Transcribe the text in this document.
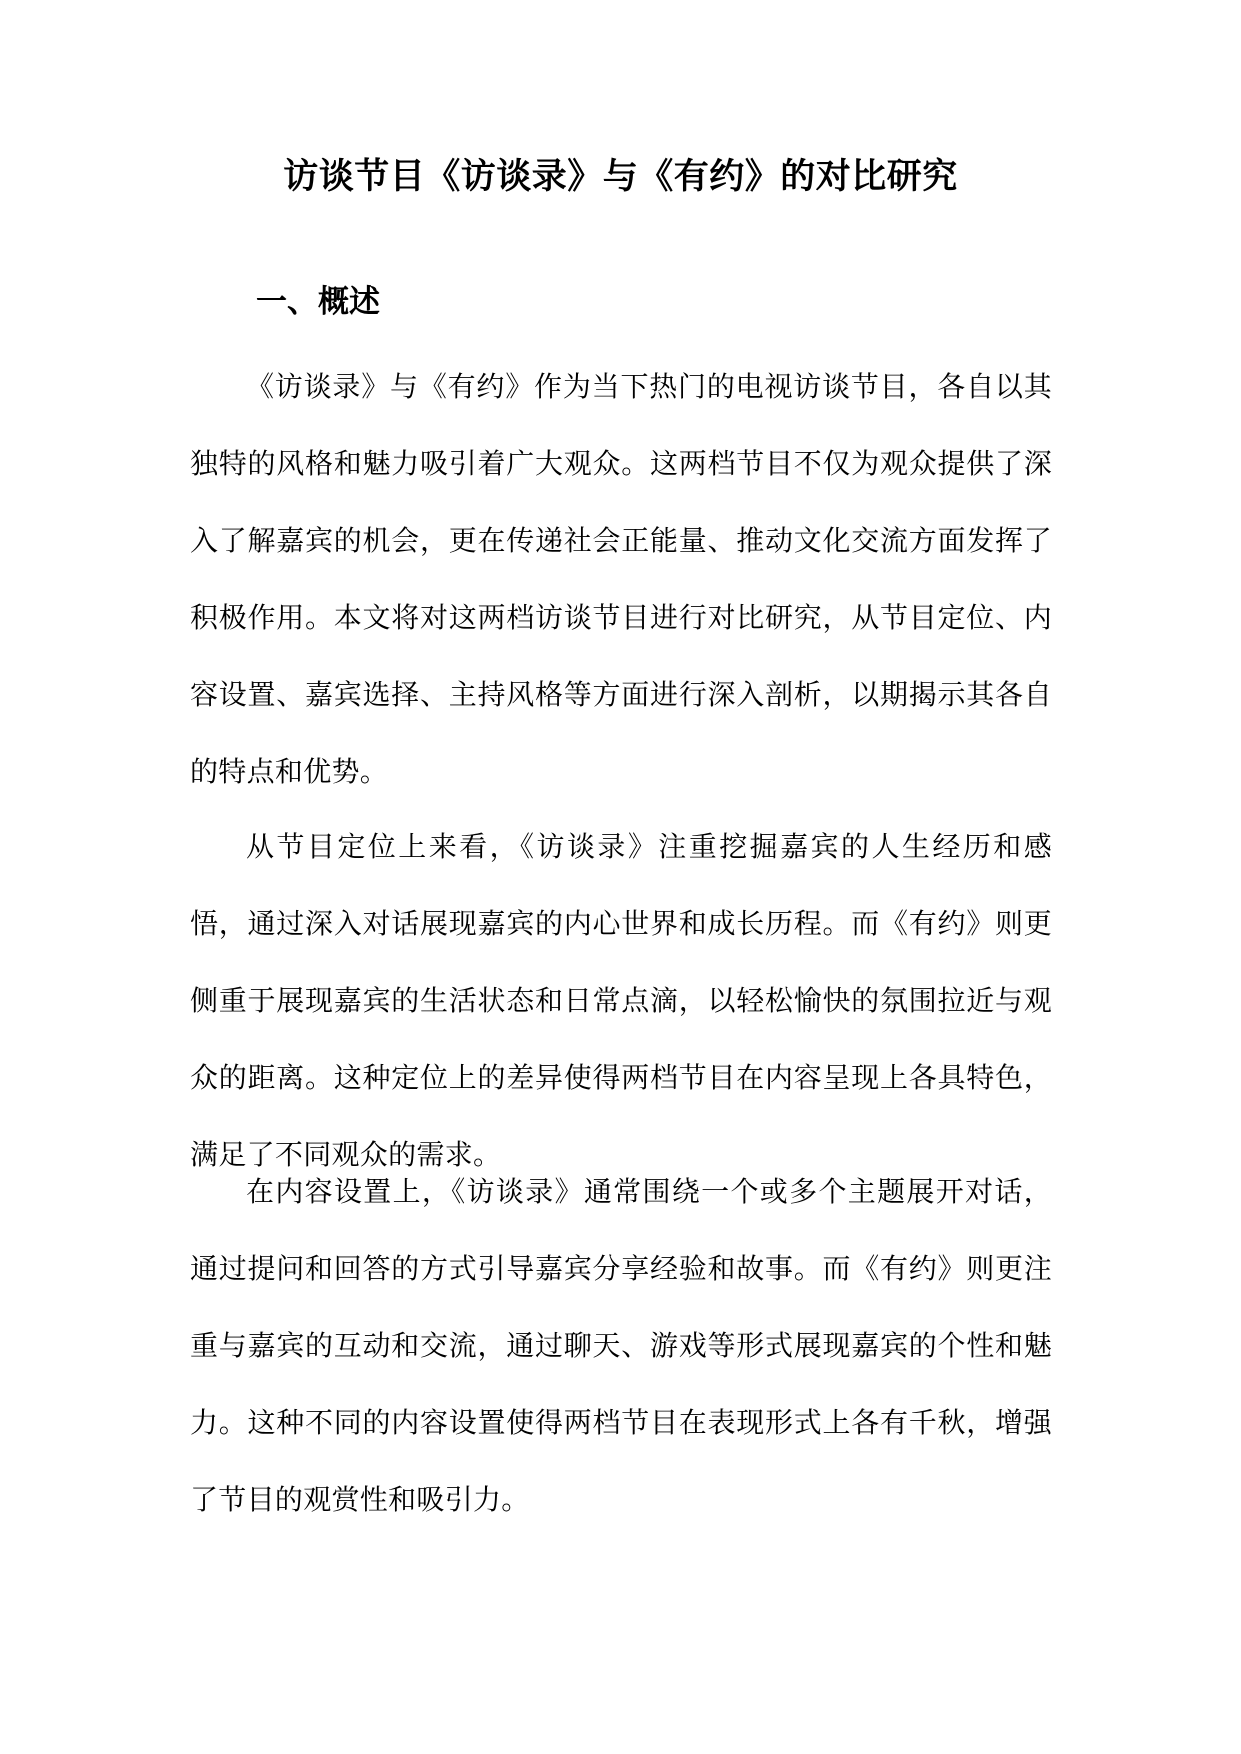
访谈节目《访谈录》与《有约》的对比研究
一、概述

《访谈录》与《有约》作为当下热门的电视访谈节目，各自以其独特的风格和魅力吸引着广大观众。这两档节目不仅为观众提供了深入了解嘉宾的机会，更在传递社会正能量、推动文化交流方面发挥了积极作用。本文将对这两档访谈节目进行对比研究，从节目定位、内容设置、嘉宾选择、主持风格等方面进行深入剖析，以期揭示其各自的特点和优势。

从节目定位上来看，《访谈录》注重挖掘嘉宾的人生经历和感悟，通过深入对话展现嘉宾的内心世界和成长历程。而《有约》则更侧重于展现嘉宾的生活状态和日常点滴，以轻松愉快的氛围拉近与观众的距离。这种定位上的差异使得两档节目在内容呈现上各具特色，满足了不同观众的需求。

在内容设置上，《访谈录》通常围绕一个或多个主题展开对话，通过提问和回答的方式引导嘉宾分享经验和故事。而《有约》则更注重与嘉宾的互动和交流，通过聊天、游戏等形式展现嘉宾的个性和魅力。这种不同的内容设置使得两档节目在表现形式上各有千秋，增强了节目的观赏性和吸引力。
